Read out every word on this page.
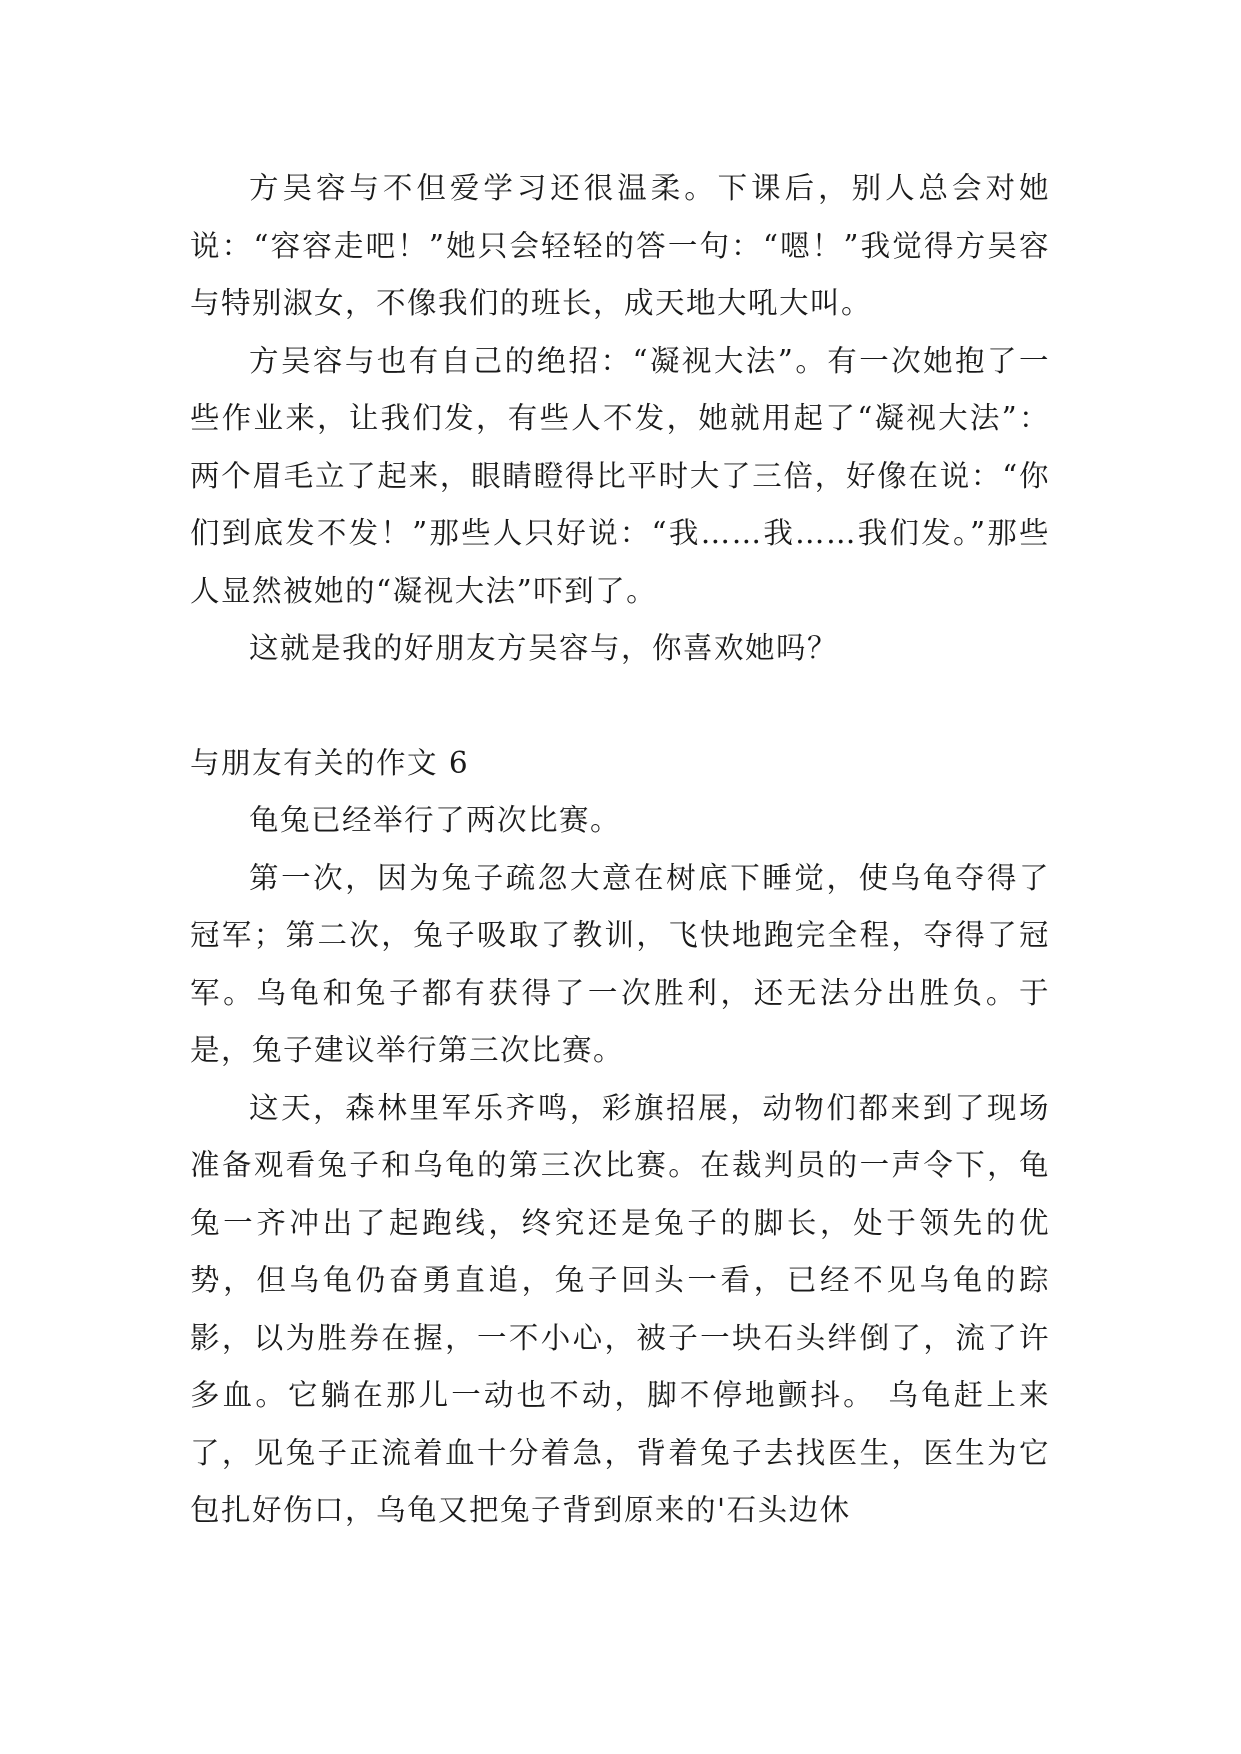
方吴容与不但爱学习还很温柔。下课后，别人总会对她说：“容容走吧！”她只会轻轻的答一句：“嗯！”我觉得方吴容与特别淑女，不像我们的班长，成天地大吼大叫。

方吴容与也有自己的绝招：“凝视大法”。有一次她抱了一些作业来，让我们发，有些人不发，她就用起了“凝视大法”：两个眉毛立了起来，眼睛瞪得比平时大了三倍，好像在说：“你们到底发不发！”那些人只好说：“我……我……我们发。”那些人显然被她的“凝视大法”吓到了。

这就是我的好朋友方吴容与，你喜欢她吗？

与朋友有关的作文 6

龟兔已经举行了两次比赛。

第一次，因为兔子疏忽大意在树底下睡觉，使乌龟夺得了冠军；第二次，兔子吸取了教训，飞快地跑完全程，夺得了冠军。乌龟和兔子都有获得了一次胜利，还无法分出胜负。于是，兔子建议举行第三次比赛。

这天，森林里军乐齐鸣，彩旗招展，动物们都来到了现场准备观看兔子和乌龟的第三次比赛。在裁判员的一声令下，龟兔一齐冲出了起跑线，终究还是兔子的脚长，处于领先的优势，但乌龟仍奋勇直追，兔子回头一看，已经不见乌龟的踪影，以为胜券在握，一不小心，被子一块石头绊倒了，流了许多血。它躺在那儿一动也不动，脚不停地颤抖。 乌龟赶上来了，见兔子正流着血十分着急，背着兔子去找医生，医生为它包扎好伤口，乌龟又把兔子背到原来的'石头边休
